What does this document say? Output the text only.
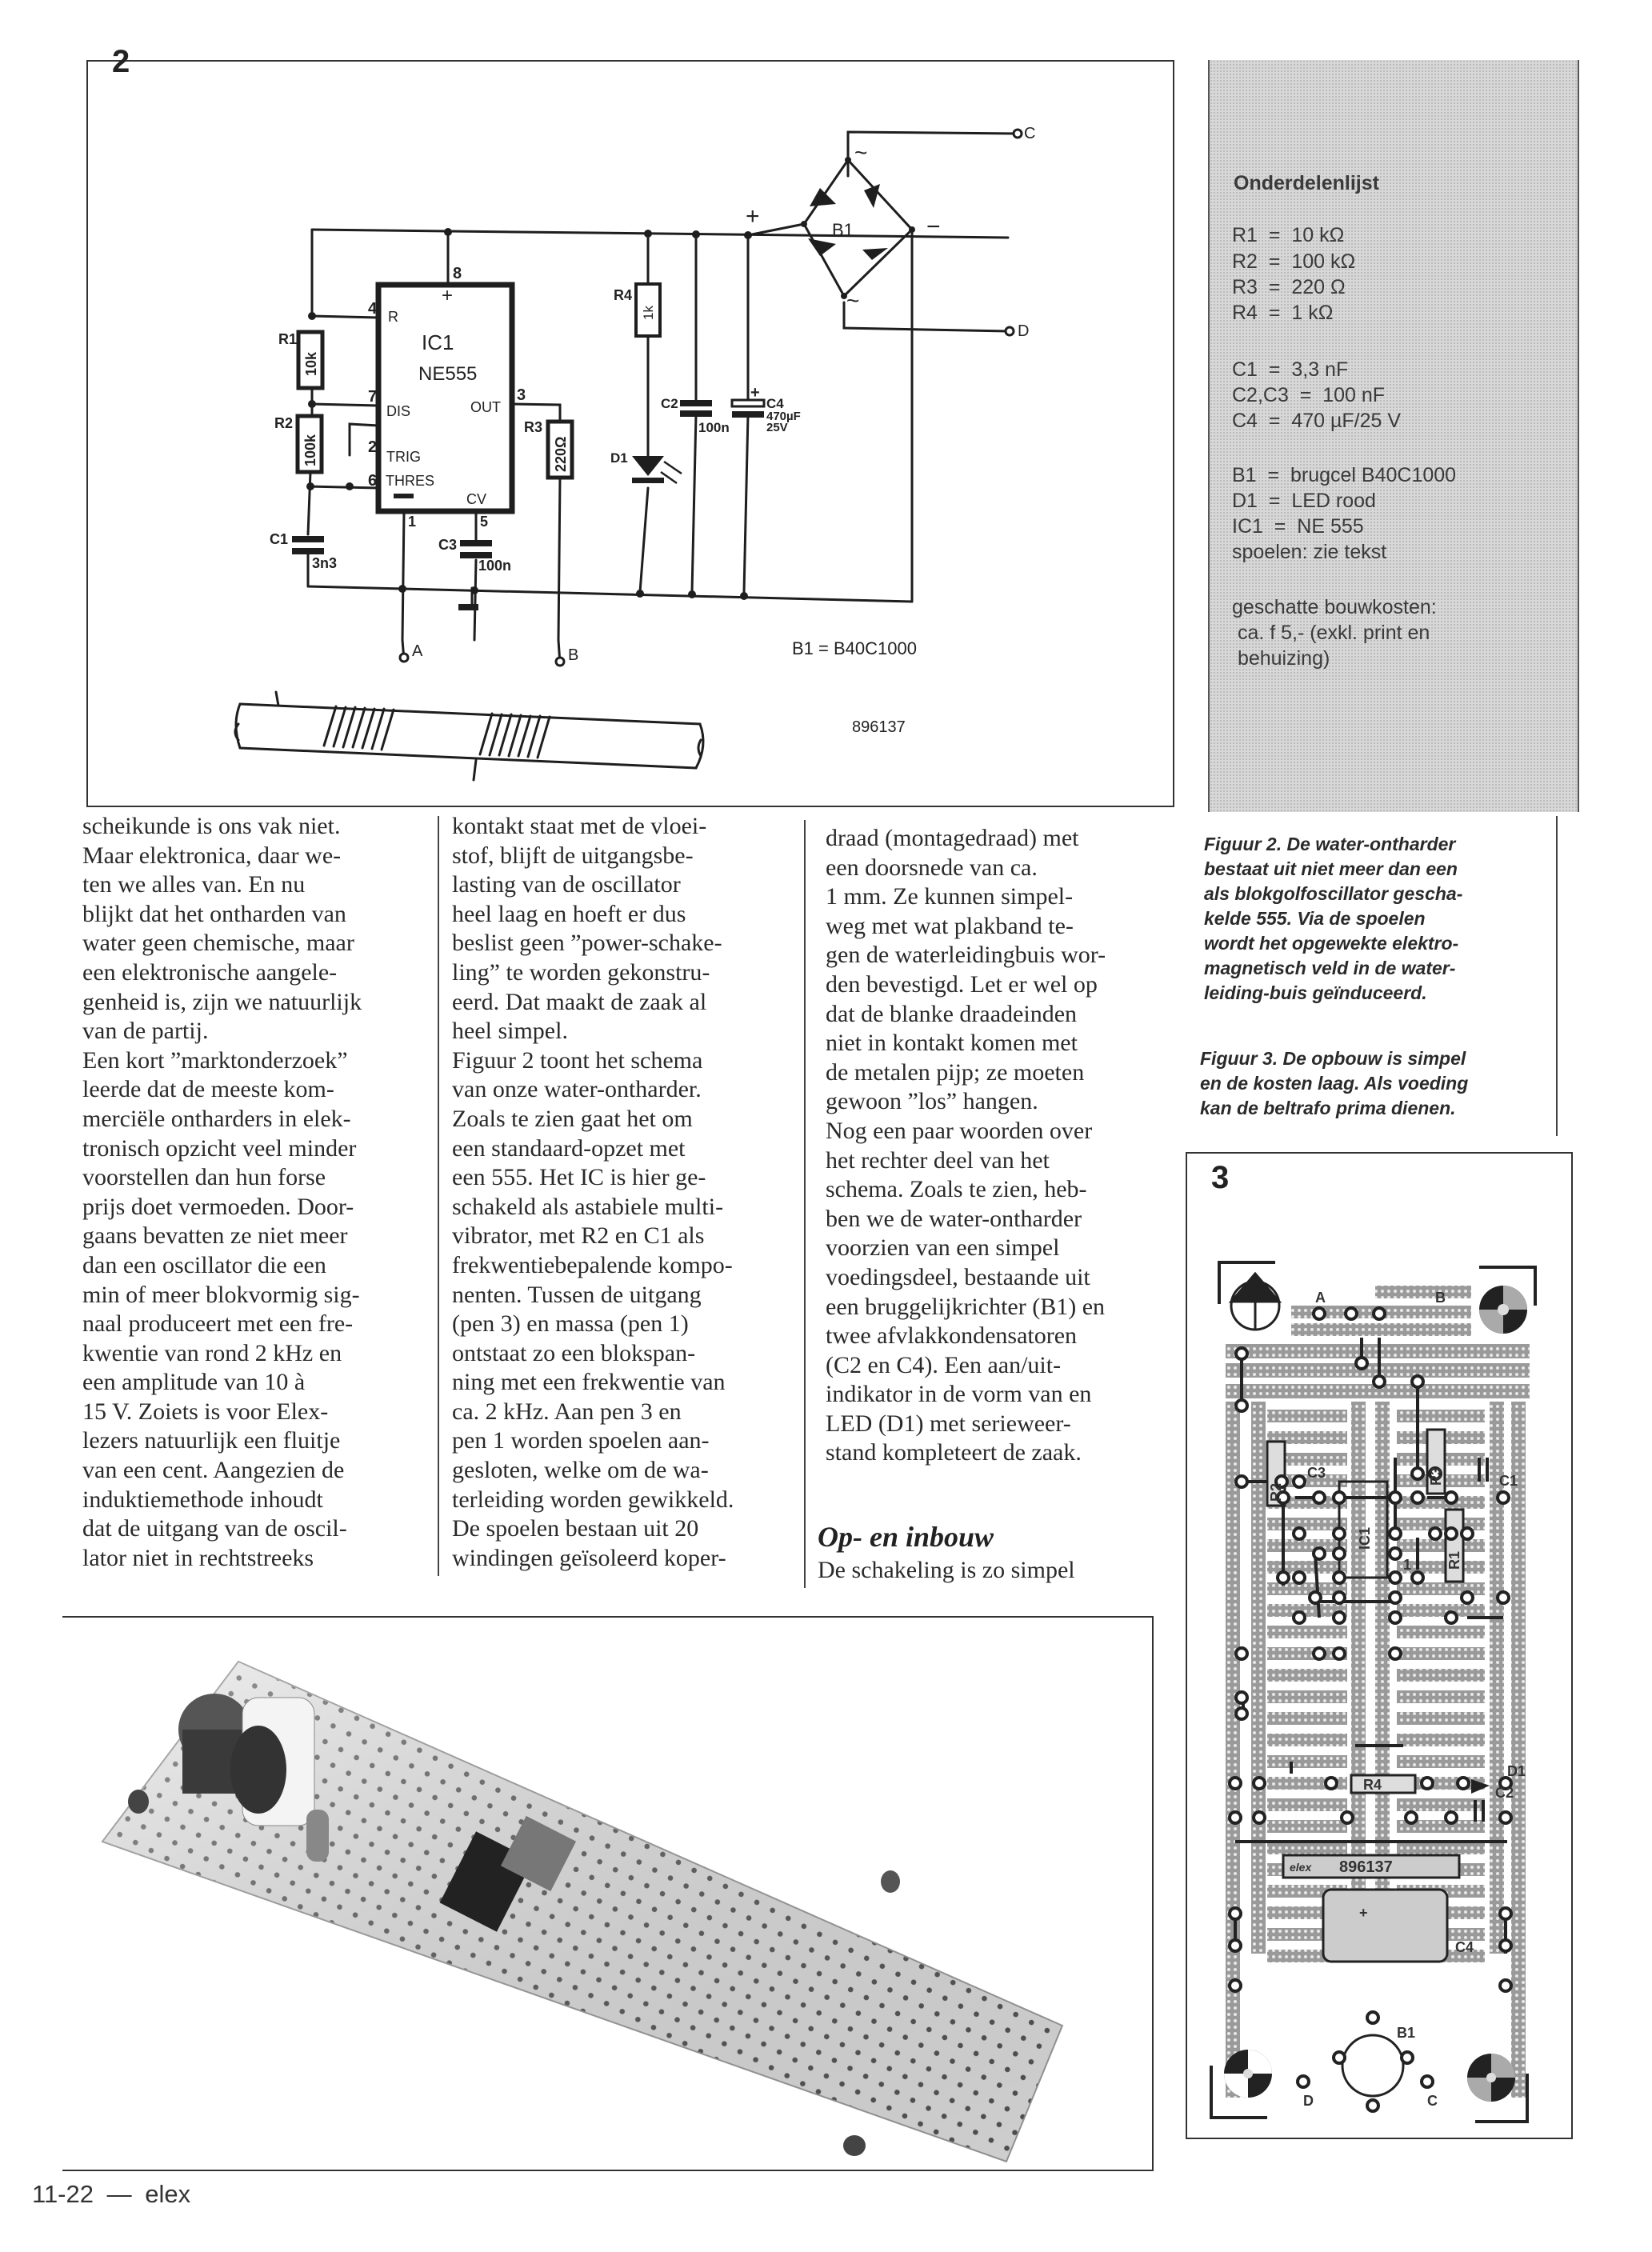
2
8
+
4 R
IC1
NE555
7
DIS	OUT
3
2
TRIG
6 THRES
CV
1	5
R1
10k
R2
100k
R3
220Ω
R4
1k
C1
3n3
C3
100n
C2
100n
+
C4
470µF
25V
D1
B1
+	−
~
~
C
D
A	B	B1 = B40C1000
896137
Onderdelenlijst
R1  =  10 kΩ
R2  =  100 kΩ
R3  =  220 Ω
R4  =  1 kΩ
C1  =  3,3 nF
C2,C3  =  100 nF
C4  =  470 µF/25 V
B1  =  brugcel B40C1000
D1  =  LED rood
IC1  =  NE 555
spoelen: zie tekst
geschatte bouwkosten:
ca. f 5,- (exkl. print en
behuizing)
scheikunde is ons vak niet.
Maar elektronica, daar we-
ten we alles van. En nu
blijkt dat het ontharden van
water geen chemische, maar
een elektronische aangele-
genheid is, zijn we natuurlijk
van de partij.
Een kort ”marktonderzoek”
leerde dat de meeste kom-
merciële ontharders in elek-
tronisch opzicht veel minder
voorstellen dan hun forse
prijs doet vermoeden. Door-
gaans bevatten ze niet meer
dan een oscillator die een
min of meer blokvormig sig-
naal produceert met een fre-
kwentie van rond 2 kHz en
een amplitude van 10 à
15 V. Zoiets is voor Elex-
lezers natuurlijk een fluitje
van een cent. Aangezien de
induktiemethode inhoudt
dat de uitgang van de oscil-
lator niet in rechtstreeks
kontakt staat met de vloei-
stof, blijft de uitgangsbe-
lasting van de oscillator
heel laag en hoeft er dus
beslist geen ”power-schake-
ling” te worden gekonstru-
eerd. Dat maakt de zaak al
heel simpel.
Figuur 2 toont het schema
van onze water-ontharder.
Zoals te zien gaat het om
een standaard-opzet met
een 555. Het IC is hier ge-
schakeld als astabiele multi-
vibrator, met R2 en C1 als
frekwentiebepalende kompo-
nenten. Tussen de uitgang
(pen 3) en massa (pen 1)
ontstaat zo een blokspan-
ning met een frekwentie van
ca. 2 kHz. Aan pen 3 en
pen 1 worden spoelen aan-
gesloten, welke om de wa-
terleiding worden gewikkeld.
De spoelen bestaan uit 20
windingen geïsoleerd koper-
draad (montagedraad) met
een doorsnede van ca.
1 mm. Ze kunnen simpel-
weg met wat plakband te-
gen de waterleidingbuis wor-
den bevestigd. Let er wel op
dat de blanke draadeinden
niet in kontakt komen met
de metalen pijp; ze moeten
gewoon ”los” hangen.
Nog een paar woorden over
het rechter deel van het
schema. Zoals te zien, heb-
ben we de water-ontharder
voorzien van een simpel
voedingsdeel, bestaande uit
een bruggelijkrichter (B1) en
twee afvlakkondensatoren
(C2 en C4). Een aan/uit-
indikator in de vorm van en
LED (D1) met serieweer-
stand kompleteert de zaak.
Op- en inbouw
De schakeling is zo simpel
Figuur 2. De water-ontharder
bestaat uit niet meer dan een
als blokgolfoscillator gescha-
kelde 555. Via de spoelen
wordt het opgewekte elektro-
magnetisch veld in de water-
leiding-buis geïnduceerd.
Figuur 3. De opbouw is simpel
en de kosten laag. Als voeding
kan de beltrafo prima dienen.
3
A	B
C3	C1
R2
R3
R1
IC1
1
R4
D1
C2
C4
+
B1
D	C
896137
elex
11-22 — elex
